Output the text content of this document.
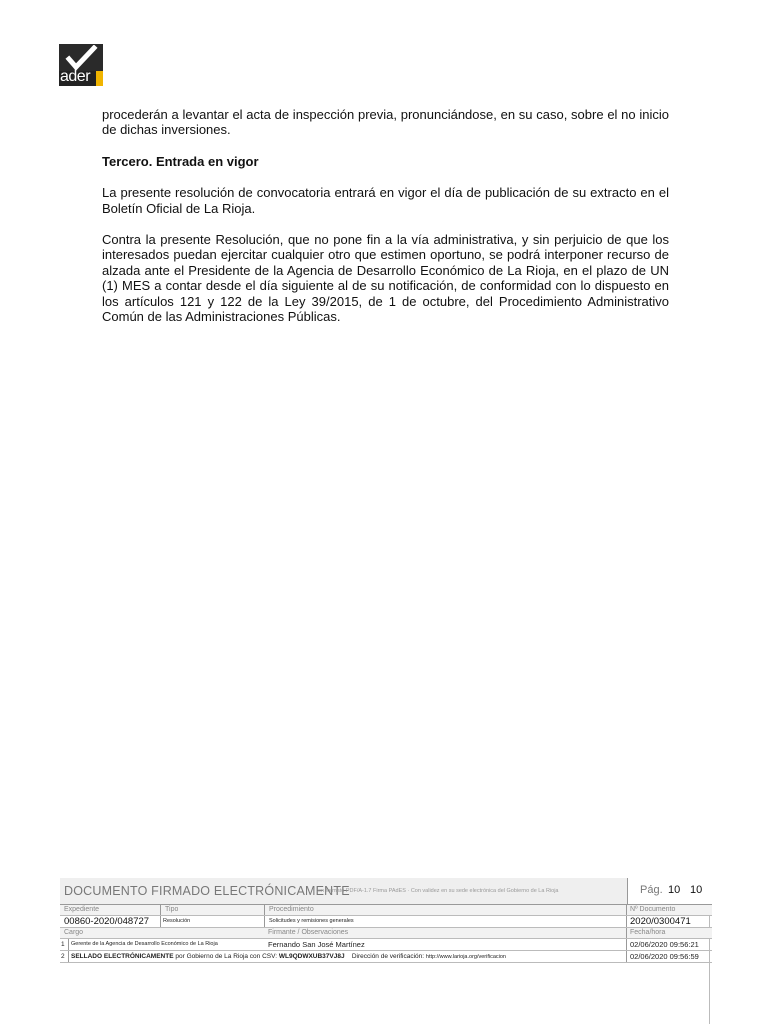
ader

procederán a levantar el acta de inspección previa, pronunciándose, en su caso, sobre el no inicio de dichas inversiones.

Tercero. Entrada en vigor

La presente resolución de convocatoria entrará en vigor el día de publicación de su extracto en el Boletín Oficial de La Rioja.

Contra la presente Resolución, que no pone fin a la vía administrativa, y sin perjuicio de que los interesados puedan ejercitar cualquier otro que estimen oportuno, se podrá interponer recurso de alzada ante el Presidente de la Agencia de Desarrollo Económico de La Rioja, en el plazo de UN (1) MES a contar desde el día siguiente al de su notificación, de conformidad con lo dispuesto en los artículos 121 y 122 de la Ley 39/2015, de 1 de octubre, del Procedimiento Administrativo Común de las Administraciones Públicas.

DOCUMENTO FIRMADO ELECTRÓNICAMENTE
en formato PDF/A-1.7 Firma PAdES · Con validez en su sede electrónica del Gobierno de La Rioja	Pág. 10 10
Expediente	Tipo	Procedimiento	Nº Documento
00860-2020/048727	Resolución	Solicitudes y remisiones generales	2020/0300471
Cargo	Firmante / Observaciones	Fecha/hora
1	Gerente de la Agencia de Desarrollo Económico de La Rioja	Fernando San José Martínez	02/06/2020 09:56:21
2 SELLADO ELECTRÓNICAMENTE por Gobierno de La Rioja con CSV: WL9QDWXUB37VJ8J Dirección de verificación: http://www.larioja.org/verificacion	02/06/2020 09:56:59
